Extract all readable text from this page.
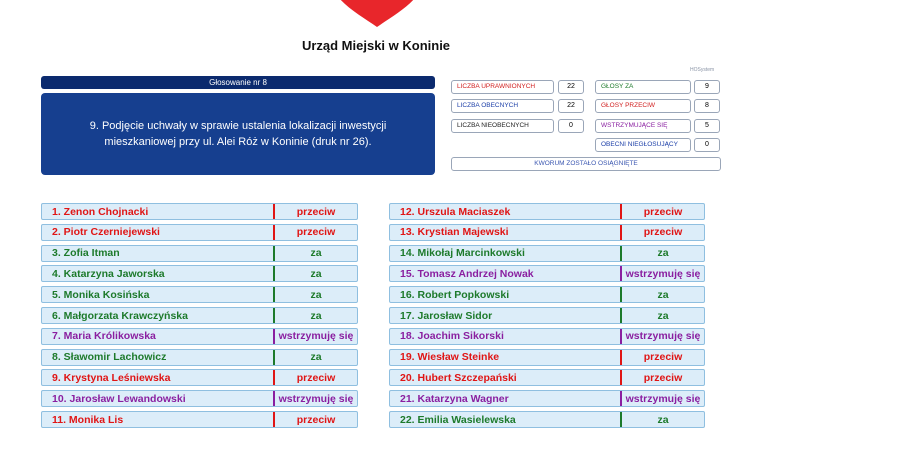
Urząd Miejski w Koninie
HOSystem
Głosowanie nr 8
9. Podjęcie uchwały w sprawie ustalenia lokalizacji inwestycji mieszkaniowej przy ul. Alei Róż w Koninie (druk nr 26).
LICZBA UPRAWNIONYCH	22
LICZBA OBECNYCH	22
LICZBA NIEOBECNYCH	0
GŁOSY ZA	9
GŁOSY PRZECIW	8
WSTRZYMUJĄCE SIĘ	5
OBECNI NIEGŁOSUJĄCY	0
KWORUM ZOSTAŁO OSIĄGNIĘTE
1. Zenon Chojnacki	przeciw
2. Piotr Czerniejewski	przeciw
3. Zofia Itman	za
4. Katarzyna Jaworska	za
5. Monika Kosińska	za
6. Małgorzata Krawczyńska	za
7. Maria Królikowska	wstrzymuję się
8. Sławomir Lachowicz	za
9. Krystyna Leśniewska	przeciw
10. Jarosław Lewandowski	wstrzymuję się
11. Monika Lis	przeciw
12. Urszula Maciaszek	przeciw
13. Krystian Majewski	przeciw
14. Mikołaj Marcinkowski	za
15. Tomasz Andrzej Nowak	wstrzymuję się
16. Robert Popkowski	za
17. Jarosław Sidor	za
18. Joachim Sikorski	wstrzymuję się
19. Wiesław Steinke	przeciw
20. Hubert Szczepański	przeciw
21. Katarzyna Wagner	wstrzymuję się
22. Emilia Wasielewska	za
